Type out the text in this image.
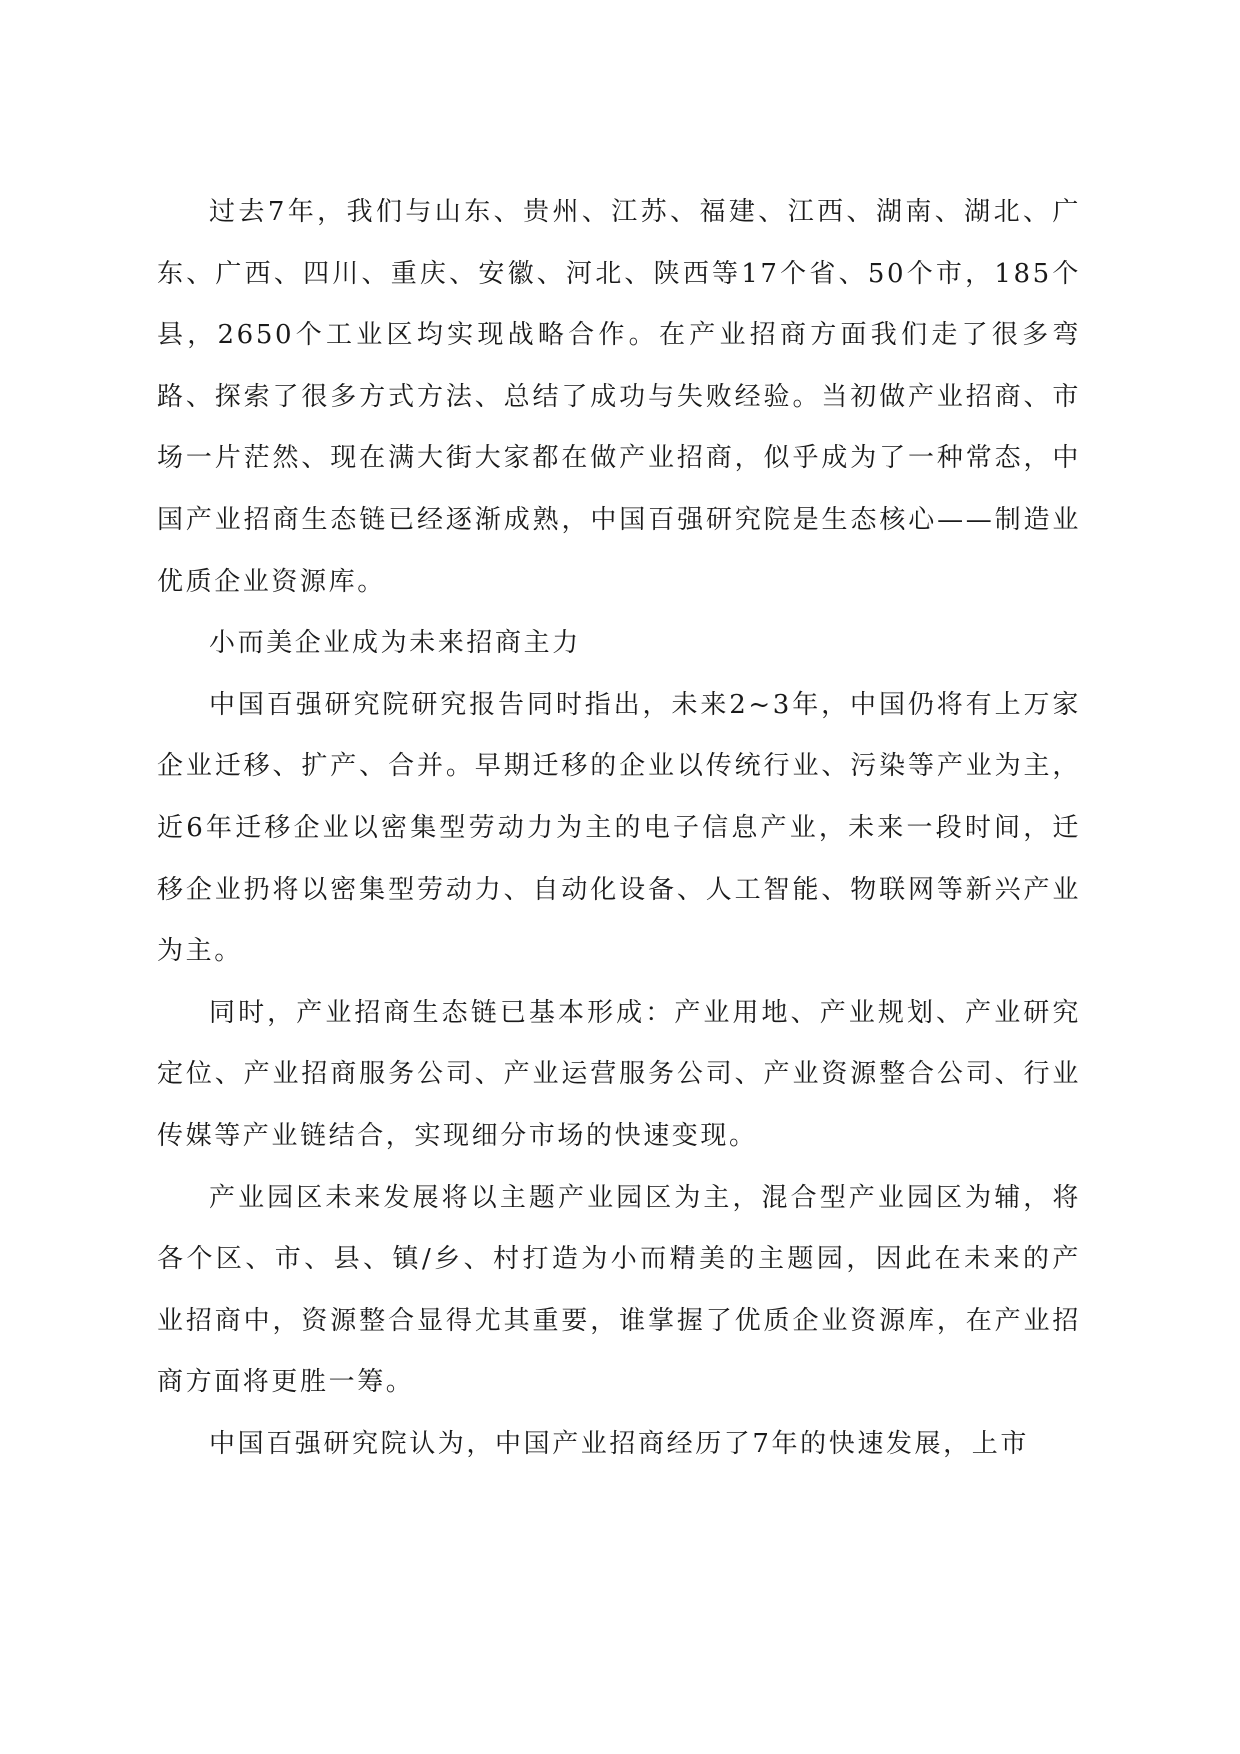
过去7年，我们与山东、贵州、江苏、福建、江西、湖南、湖北、广东、广西、四川、重庆、安徽、河北、陕西等17个省、50个市，185个县，2650个工业区均实现战略合作。在产业招商方面我们走了很多弯路、探索了很多方式方法、总结了成功与失败经验。当初做产业招商、市场一片茫然、现在满大街大家都在做产业招商，似乎成为了一种常态，中国产业招商生态链已经逐渐成熟，中国百强研究院是生态核心——制造业优质企业资源库。

小而美企业成为未来招商主力

中国百强研究院研究报告同时指出，未来2~3年，中国仍将有上万家企业迁移、扩产、合并。早期迁移的企业以传统行业、污染等产业为主，近6年迁移企业以密集型劳动力为主的电子信息产业，未来一段时间，迁移企业扔将以密集型劳动力、自动化设备、人工智能、物联网等新兴产业为主。

同时，产业招商生态链已基本形成：产业用地、产业规划、产业研究定位、产业招商服务公司、产业运营服务公司、产业资源整合公司、行业传媒等产业链结合，实现细分市场的快速变现。

产业园区未来发展将以主题产业园区为主，混合型产业园区为辅，将各个区、市、县、镇/乡、村打造为小而精美的主题园，因此在未来的产业招商中，资源整合显得尤其重要，谁掌握了优质企业资源库，在产业招商方面将更胜一筹。

中国百强研究院认为，中国产业招商经历了7年的快速发展，上市
